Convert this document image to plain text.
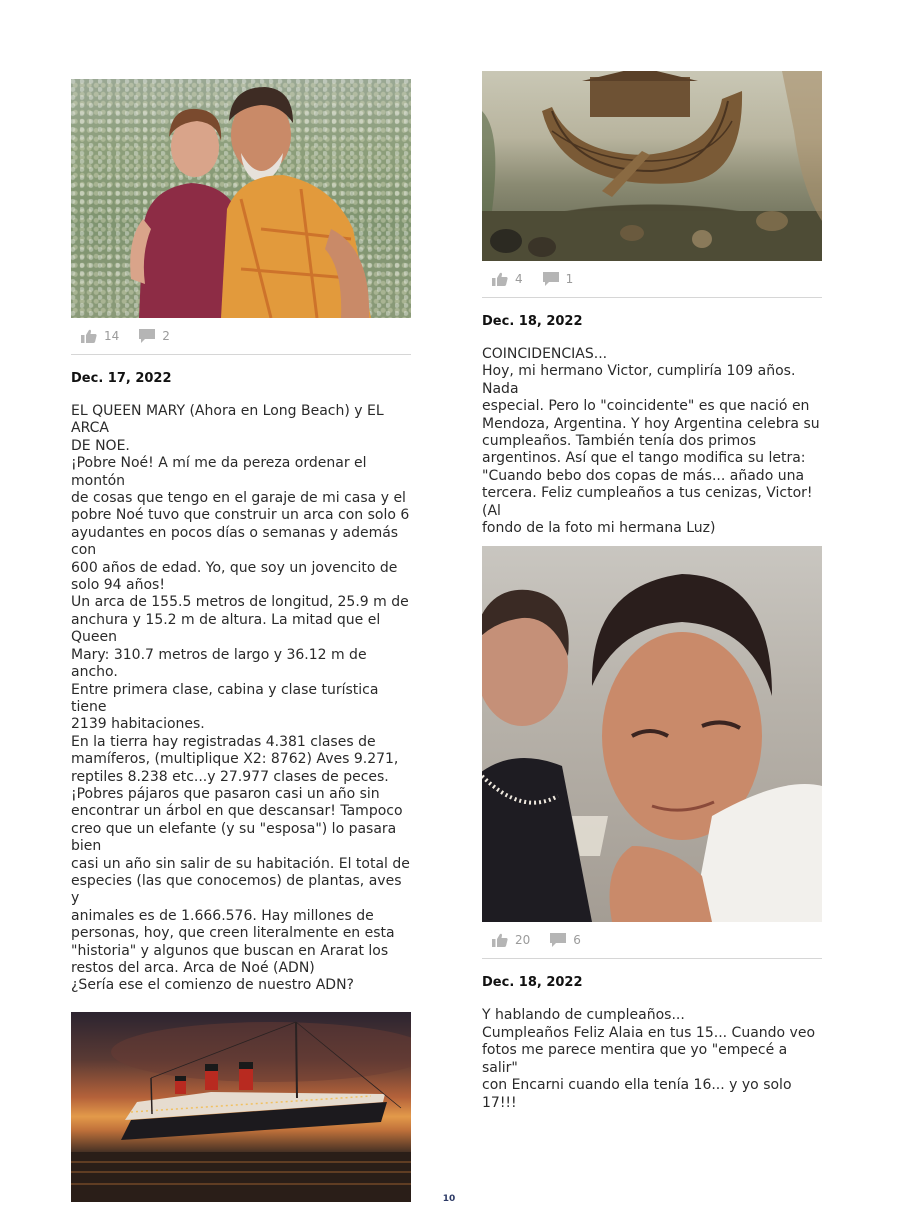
14	2
Dec. 17, 2022

EL QUEEN MARY (Ahora en Long Beach) y EL ARCA
DE NOE.
¡Pobre Noé! A mí me da pereza ordenar el montón
de cosas que tengo en el garaje de mi casa y el
pobre Noé tuvo que construir un arca con solo 6
ayudantes en pocos días o semanas y además con
600 años de edad. Yo, que soy un jovencito de
solo 94 años!
Un arca de 155.5 metros de longitud, 25.9 m de
anchura y 15.2 m de altura. La mitad que el Queen
Mary: 310.7 metros de largo y 36.12 m de ancho.
Entre primera clase, cabina y clase turística tiene
2139 habitaciones.
En la tierra hay registradas 4.381 clases de
mamíferos, (multiplique X2: 8762) Aves 9.271,
reptiles 8.238 etc...y 27.977 clases de peces.
¡Pobres pájaros que pasaron casi un año sin
encontrar un árbol en que descansar! Tampoco
creo que un elefante (y su "esposa") lo pasara bien
casi un año sin salir de su habitación. El total de
especies (las que conocemos) de plantas, aves y
animales es de 1.666.576. Hay millones de
personas, hoy, que creen literalmente en esta
"historia" y algunos que buscan en Ararat los
restos del arca. Arca de Noé (ADN)
¿Sería ese el comienzo de nuestro ADN?

4	1
Dec. 18, 2022

COINCIDENCIAS...
Hoy, mi hermano Victor, cumpliría 109 años. Nada
especial. Pero lo "coincidente" es que nació en
Mendoza, Argentina. Y hoy Argentina celebra su
cumpleaños. También tenía dos primos
argentinos. Así que el tango modifica su letra:
"Cuando bebo dos copas de más... añado una
tercera. Feliz cumpleaños a tus cenizas, Victor! (Al
fondo de la foto mi hermana Luz)

20	6
Dec. 18, 2022

Y hablando de cumpleaños...
Cumpleaños Feliz Alaia en tus 15... Cuando veo
fotos me parece mentira que yo "empecé a salir"
con Encarni cuando ella tenía 16... y yo solo 17!!!

10
